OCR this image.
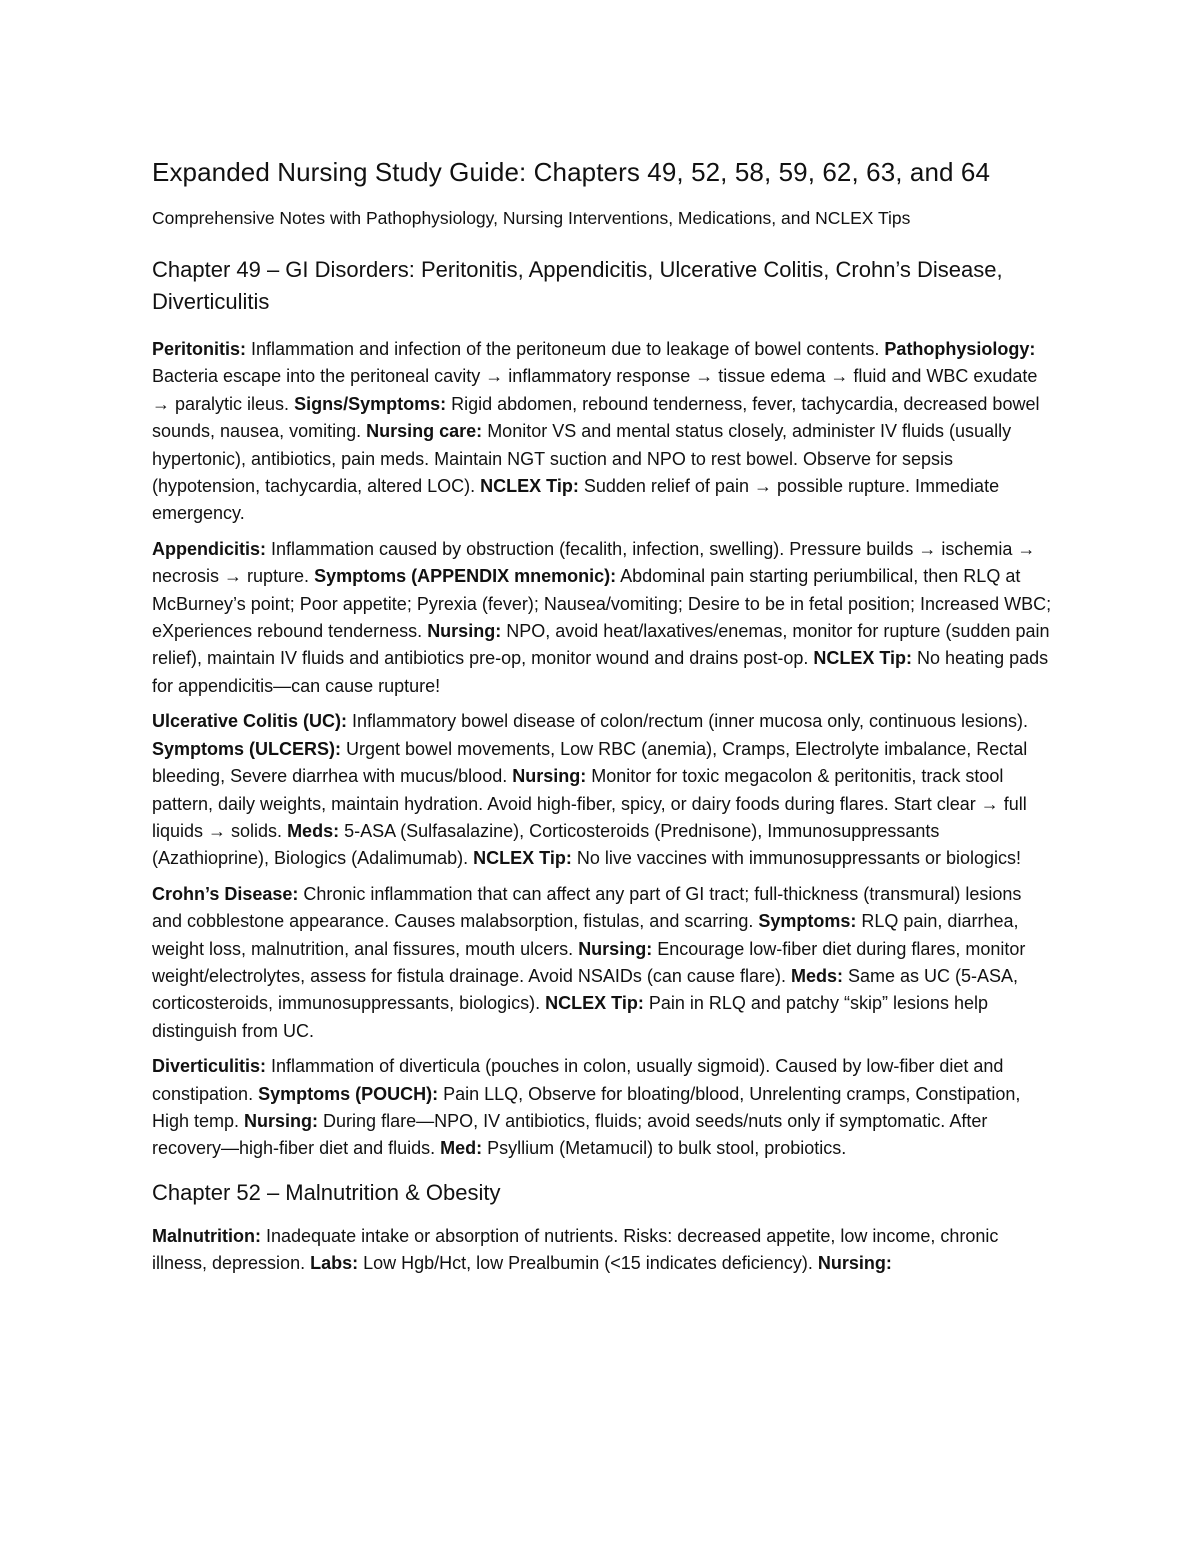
Expanded Nursing Study Guide: Chapters 49, 52, 58, 59, 62, 63, and 64

Comprehensive Notes with Pathophysiology, Nursing Interventions, Medications, and NCLEX Tips

Chapter 49 – GI Disorders: Peritonitis, Appendicitis, Ulcerative Colitis, Crohn’s Disease, Diverticulitis

Peritonitis: Inflammation and infection of the peritoneum due to leakage of bowel contents. Pathophysiology: Bacteria escape into the peritoneal cavity → inflammatory response → tissue edema → fluid and WBC exudate → paralytic ileus. Signs/Symptoms: Rigid abdomen, rebound tenderness, fever, tachycardia, decreased bowel sounds, nausea, vomiting. Nursing care: Monitor VS and mental status closely, administer IV fluids (usually hypertonic), antibiotics, pain meds. Maintain NGT suction and NPO to rest bowel. Observe for sepsis (hypotension, tachycardia, altered LOC). NCLEX Tip: Sudden relief of pain → possible rupture. Immediate emergency.

Appendicitis: Inflammation caused by obstruction (fecalith, infection, swelling). Pressure builds → ischemia → necrosis → rupture. Symptoms (APPENDIX mnemonic): Abdominal pain starting periumbilical, then RLQ at McBurney’s point; Poor appetite; Pyrexia (fever); Nausea/vomiting; Desire to be in fetal position; Increased WBC; eXperiences rebound tenderness. Nursing: NPO, avoid heat/laxatives/enemas, monitor for rupture (sudden pain relief), maintain IV fluids and antibiotics pre-op, monitor wound and drains post-op. NCLEX Tip: No heating pads for appendicitis—can cause rupture!

Ulcerative Colitis (UC): Inflammatory bowel disease of colon/rectum (inner mucosa only, continuous lesions). Symptoms (ULCERS): Urgent bowel movements, Low RBC (anemia), Cramps, Electrolyte imbalance, Rectal bleeding, Severe diarrhea with mucus/blood. Nursing: Monitor for toxic megacolon & peritonitis, track stool pattern, daily weights, maintain hydration. Avoid high-fiber, spicy, or dairy foods during flares. Start clear → full liquids → solids. Meds: 5-ASA (Sulfasalazine), Corticosteroids (Prednisone), Immunosuppressants (Azathioprine), Biologics (Adalimumab). NCLEX Tip: No live vaccines with immunosuppressants or biologics!

Crohn’s Disease: Chronic inflammation that can affect any part of GI tract; full-thickness (transmural) lesions and cobblestone appearance. Causes malabsorption, fistulas, and scarring. Symptoms: RLQ pain, diarrhea, weight loss, malnutrition, anal fissures, mouth ulcers. Nursing: Encourage low-fiber diet during flares, monitor weight/electrolytes, assess for fistula drainage. Avoid NSAIDs (can cause flare). Meds: Same as UC (5-ASA, corticosteroids, immunosuppressants, biologics). NCLEX Tip: Pain in RLQ and patchy “skip” lesions help distinguish from UC.

Diverticulitis: Inflammation of diverticula (pouches in colon, usually sigmoid). Caused by low-fiber diet and constipation. Symptoms (POUCH): Pain LLQ, Observe for bloating/blood, Unrelenting cramps, Constipation, High temp. Nursing: During flare—NPO, IV antibiotics, fluids; avoid seeds/nuts only if symptomatic. After recovery—high-fiber diet and fluids. Med: Psyllium (Metamucil) to bulk stool, probiotics.

Chapter 52 – Malnutrition & Obesity

Malnutrition: Inadequate intake or absorption of nutrients. Risks: decreased appetite, low income, chronic illness, depression. Labs: Low Hgb/Hct, low Prealbumin (<15 indicates deficiency). Nursing:
